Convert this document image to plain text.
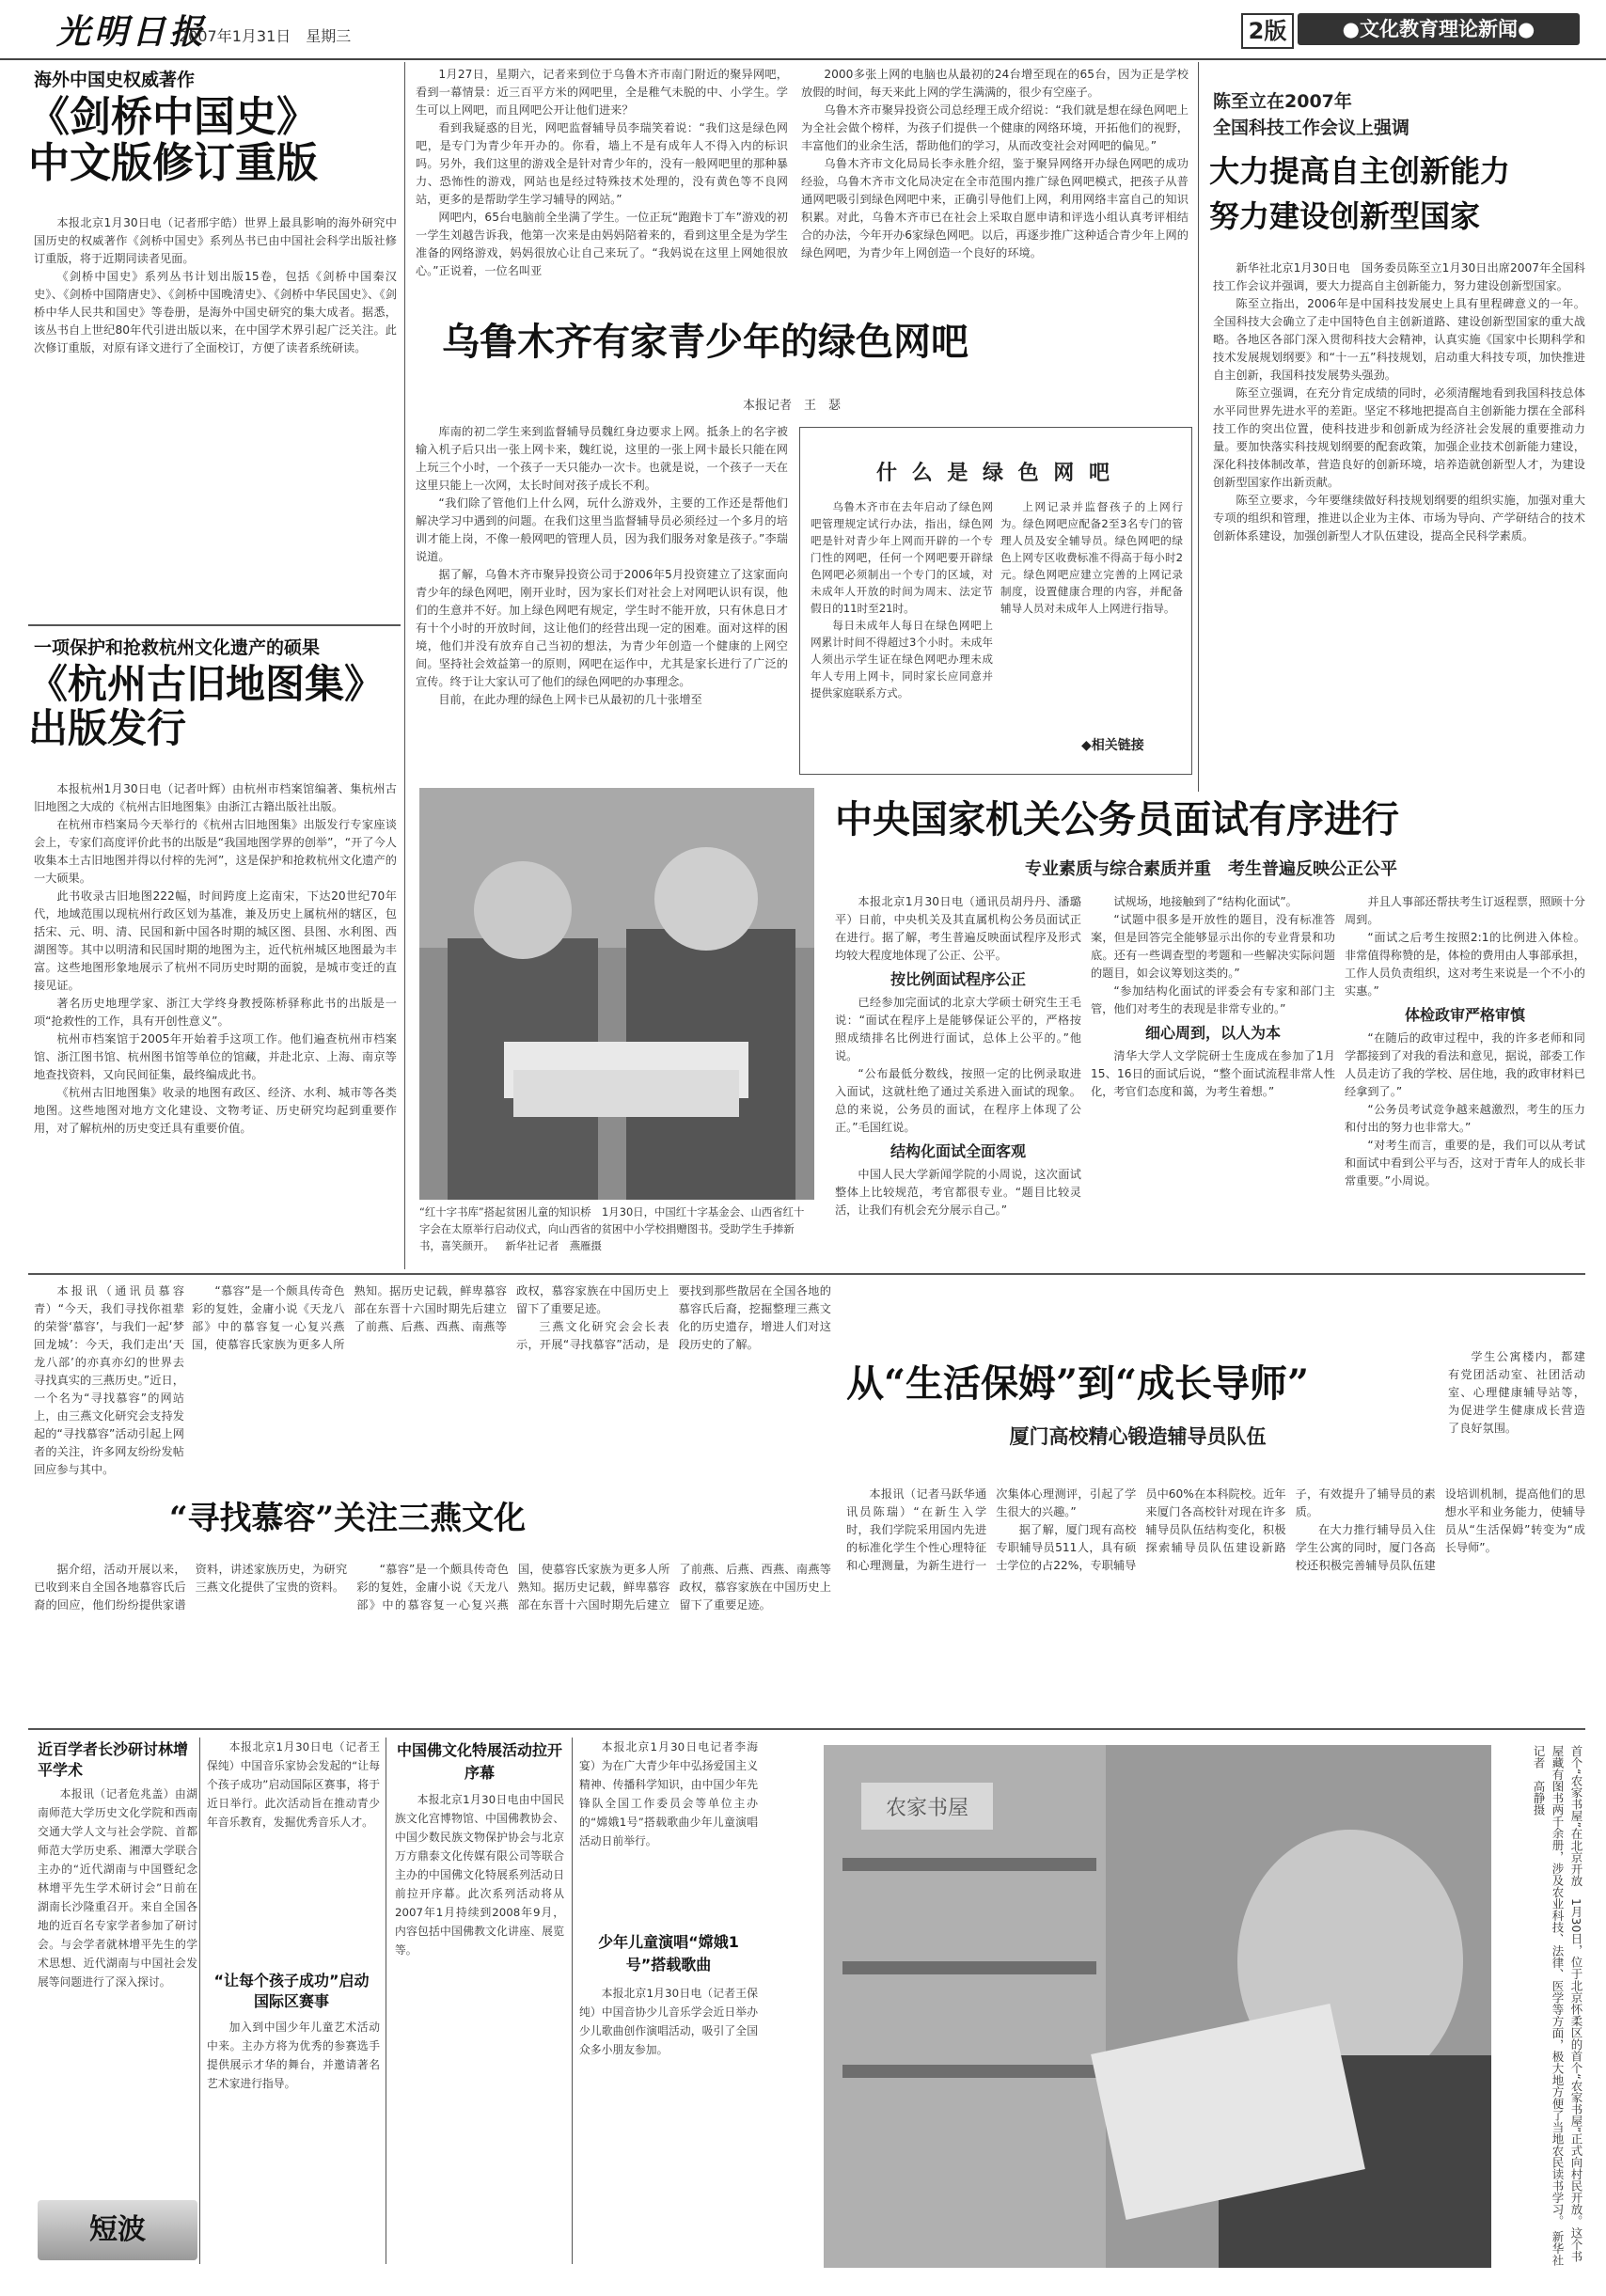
光明日报
2007年1月31日　星期三	2版	●文化教育理论新闻●
海外中国史权威著作
《剑桥中国史》
中文版修订重版

本报北京1月30日电（记者邢宇皓）世界上最具影响的海外研究中国历史的权威著作《剑桥中国史》系列丛书已由中国社会科学出版社修订重版，将于近期同读者见面。

《剑桥中国史》系列丛书计划出版15卷，包括《剑桥中国秦汉史》、《剑桥中国隋唐史》、《剑桥中国晚清史》、《剑桥中华民国史》、《剑桥中华人民共和国史》等卷册，是海外中国史研究的集大成者。据悉，该丛书自上世纪80年代引进出版以来，在中国学术界引起广泛关注。此次修订重版，对原有译文进行了全面校订，方便了读者系统研读。

一项保护和抢救杭州文化遗产的硕果
《杭州古旧地图集》
出版发行

本报杭州1月30日电（记者叶辉）由杭州市档案馆编著、集杭州古旧地图之大成的《杭州古旧地图集》由浙江古籍出版社出版。

在杭州市档案局今天举行的《杭州古旧地图集》出版发行专家座谈会上，专家们高度评价此书的出版是“我国地图学界的创举”，“开了今人收集本土古旧地图并得以付梓的先河”，这是保护和抢救杭州文化遗产的一大硕果。

此书收录古旧地图222幅，时间跨度上迄南宋，下达20世纪70年代，地域范围以现杭州行政区划为基准，兼及历史上属杭州的辖区，包括宋、元、明、清、民国和新中国各时期的城区图、县图、水利图、西湖图等。其中以明清和民国时期的地图为主，近代杭州城区地图最为丰富。这些地图形象地展示了杭州不同历史时期的面貌，是城市变迁的直接见证。

著名历史地理学家、浙江大学终身教授陈桥驿称此书的出版是一项“抢救性的工作，具有开创性意义”。

杭州市档案馆于2005年开始着手这项工作。他们遍查杭州市档案馆、浙江图书馆、杭州图书馆等单位的馆藏，并赴北京、上海、南京等地查找资料，又向民间征集，最终编成此书。

《杭州古旧地图集》收录的地图有政区、经济、水利、城市等各类地图。这些地图对地方文化建设、文物考证、历史研究均起到重要作用，对了解杭州的历史变迁具有重要价值。

1月27日，星期六，记者来到位于乌鲁木齐市南门附近的聚异网吧，看到一幕情景：近三百平方米的网吧里，全是稚气未脱的中、小学生。学生可以上网吧，而且网吧公开让他们进来？

看到我疑惑的目光，网吧监督辅导员李瑞笑着说：“我们这是绿色网吧，是专门为青少年开办的。你看，墙上不是有成年人不得入内的标识吗。另外，我们这里的游戏全是针对青少年的，没有一般网吧里的那种暴力、恐怖性的游戏，网站也是经过特殊技术处理的，没有黄色等不良网站，更多的是帮助学生学习辅导的网站。”

网吧内，65台电脑前全坐满了学生。一位正玩“跑跑卡丁车”游戏的初一学生刘越告诉我，他第一次来是由妈妈陪着来的，看到这里全是为学生准备的网络游戏，妈妈很放心让自己来玩了。“我妈说在这里上网她很放心。”正说着，一位名叫亚

2000多张上网的电脑也从最初的24台增至现在的65台，因为正是学校放假的时间，每天来此上网的学生满满的，很少有空座子。

乌鲁木齐市聚异投资公司总经理王成介绍说：“我们就是想在绿色网吧上为全社会做个榜样，为孩子们提供一个健康的网络环境，开拓他们的视野，丰富他们的业余生活，帮助他们的学习，从而改变社会对网吧的偏见。”

乌鲁木齐市文化局局长李永胜介绍，鉴于聚异网络开办绿色网吧的成功经验，乌鲁木齐市文化局决定在全市范围内推广绿色网吧模式，把孩子从普通网吧吸引到绿色网吧中来，正确引导他们上网，利用网络丰富自己的知识积累。对此，乌鲁木齐市已在社会上采取自愿申请和评选小组认真考评相结合的办法，今年开办6家绿色网吧。以后，再逐步推广这种适合青少年上网的绿色网吧，为青少年上网创造一个良好的环境。

乌鲁木齐有家青少年的绿色网吧
本报记者　王　瑟

库南的初二学生来到监督辅导员魏红身边要求上网。抵条上的名字被输入机子后只出一张上网卡来，魏红说，这里的一张上网卡最长只能在网上玩三个小时，一个孩子一天只能办一次卡。也就是说，一个孩子一天在这里只能上一次网，太长时间对孩子成长不利。

“我们除了管他们上什么网，玩什么游戏外，主要的工作还是帮他们解决学习中遇到的问题。在我们这里当监督辅导员必须经过一个多月的培训才能上岗，不像一般网吧的管理人员，因为我们服务对象是孩子。”李瑞说道。

据了解，乌鲁木齐市聚异投资公司于2006年5月投资建立了这家面向青少年的绿色网吧，刚开业时，因为家长们对社会上对网吧认识有误，他们的生意并不好。加上绿色网吧有规定，学生时不能开放，只有休息日才有十个小时的开放时间，这让他们的经营出现一定的困难。面对这样的困境，他们并没有放弃自己当初的想法，为青少年创造一个健康的上网空间。坚持社会效益第一的原则，网吧在运作中，尤其是家长进行了广泛的宣传。终于让大家认可了他们的绿色网吧的办事理念。

目前，在此办理的绿色上网卡已从最初的几十张增至

什 么 是 绿 色 网 吧

乌鲁木齐市在去年启动了绿色网吧管理规定试行办法，指出，绿色网吧是针对青少年上网而开辟的一个专门性的网吧，任何一个网吧要开辟绿色网吧必须制出一个专门的区域，对未成年人开放的时间为周末、法定节假日的11时至21时。

每日未成年人每日在绿色网吧上网累计时间不得超过3个小时。未成年人须出示学生证在绿色网吧办理未成年人专用上网卡，同时家长应同意并提供家庭联系方式。

上网记录并监督孩子的上网行为。绿色网吧应配备2至3名专门的管理人员及安全辅导员。绿色网吧的绿色上网专区收费标准不得高于每小时2元。绿色网吧应建立完善的上网记录制度，设置健康合理的内容，并配备辅导人员对未成年人上网进行指导。

◆相关链接
陈至立在2007年
全国科技工作会议上强调
大力提高自主创新能力
努力建设创新型国家

新华社北京1月30日电　国务委员陈至立1月30日出席2007年全国科技工作会议并强调，要大力提高自主创新能力，努力建设创新型国家。

陈至立指出，2006年是中国科技发展史上具有里程碑意义的一年。全国科技大会确立了走中国特色自主创新道路、建设创新型国家的重大战略。各地区各部门深入贯彻科技大会精神，认真实施《国家中长期科学和技术发展规划纲要》和“十一五”科技规划，启动重大科技专项，加快推进自主创新，我国科技发展势头强劲。

陈至立强调，在充分肯定成绩的同时，必须清醒地看到我国科技总体水平同世界先进水平的差距。坚定不移地把提高自主创新能力摆在全部科技工作的突出位置，使科技进步和创新成为经济社会发展的重要推动力量。要加快落实科技规划纲要的配套政策，加强企业技术创新能力建设，深化科技体制改革，营造良好的创新环境，培养造就创新型人才，为建设创新型国家作出新贡献。

陈至立要求，今年要继续做好科技规划纲要的组织实施，加强对重大专项的组织和管理，推进以企业为主体、市场为导向、产学研结合的技术创新体系建设，加强创新型人才队伍建设，提高全民科学素质。

“红十字书库”搭起贫困儿童的知识桥　1月30日，中国红十字基金会、山西省红十字会在太原举行启动仪式，向山西省的贫困中小学校捐赠图书。受助学生手捧新书，喜笑颜开。 新华社记者　燕雁摄
中央国家机关公务员面试有序进行
专业素质与综合素质并重　考生普遍反映公正公平

本报北京1月30日电（通讯员胡丹丹、潘璐平）日前，中央机关及其直属机构公务员面试正在进行。据了解，考生普遍反映面试程序及形式均较大程度地体现了公正、公平。

按比例面试程序公正

已经参加完面试的北京大学硕士研究生王毛说：“面试在程序上是能够保证公平的，严格按照成绩排名比例进行面试，总体上公平的。”他说。

“公布最低分数线，按照一定的比例录取进入面试，这就杜绝了通过关系进入面试的现象。总的来说，公务员的面试，在程序上体现了公正。”毛国红说。

结构化面试全面客观

中国人民大学新闻学院的小周说，这次面试整体上比较规范，考官都很专业。“题目比较灵活，让我们有机会充分展示自己。”

试规场，地接触到了“结构化面试”。

“试题中很多是开放性的题目，没有标准答案，但是回答完全能够显示出你的专业背景和功底。还有一些调查型的考题和一些解决实际问题的题目，如会议筹划这类的。”

“参加结构化面试的评委会有专家和部门主管，他们对考生的表现是非常专业的。”

细心周到，以人为本

清华大学人文学院研士生庞成在参加了1月15、16日的面试后说，“整个面试流程非常人性化，考官们态度和蔼，为考生着想。”

并且人事部还帮扶考生订返程票，照顾十分周到。

“面试之后考生按照2:1的比例进入体检。非常值得称赞的是，体检的费用由人事部承担，工作人员负责组织，这对考生来说是一个不小的实惠。”

体检政审严格审慎

“在随后的政审过程中，我的许多老师和同学都接到了对我的看法和意见，据说，部委工作人员走访了我的学校、居住地，我的政审材料已经拿到了。”

“公务员考试竞争越来越激烈，考生的压力和付出的努力也非常大。”

“对考生而言，重要的是，我们可以从考试和面试中看到公平与否，这对于青年人的成长非常重要。”小周说。

本报讯（通讯员慕容青）“今天，我们寻找你祖辈的荣誉‘慕容’，与我们一起‘梦回龙城’：今天，我们走出‘天龙八部’的亦真亦幻的世界去寻找真实的三燕历史。”近日，一个名为“寻找慕容”的网站上，由三燕文化研究会支持发起的“寻找慕容”活动引起上网者的关注，许多网友纷纷发帖回应参与其中。

“慕容”是一个颇具传奇色彩的复姓，金庸小说《天龙八部》中的慕容复一心复兴燕国，使慕容氏家族为更多人所熟知。据历史记载，鲜卑慕容部在东晋十六国时期先后建立了前燕、后燕、西燕、南燕等政权，慕容家族在中国历史上留下了重要足迹。

三燕文化研究会会长表示，开展“寻找慕容”活动，是要找到那些散居在全国各地的慕容氏后裔，挖掘整理三燕文化的历史遗存，增进人们对这段历史的了解。

“寻找慕容”关注三燕文化

据介绍，活动开展以来，已收到来自全国各地慕容氏后裔的回应，他们纷纷提供家谱资料，讲述家族历史，为研究三燕文化提供了宝贵的资料。

“慕容”是一个颇具传奇色彩的复姓，金庸小说《天龙八部》中的慕容复一心复兴燕国，使慕容氏家族为更多人所熟知。据历史记载，鲜卑慕容部在东晋十六国时期先后建立了前燕、后燕、西燕、南燕等政权，慕容家族在中国历史上留下了重要足迹。

从“生活保姆”到“成长导师”
厦门高校精心锻造辅导员队伍

学生公寓楼内，都建有党团活动室、社团活动室、心理健康辅导站等，为促进学生健康成长营造了良好氛围。

本报讯（记者马跃华通讯员陈瑞）“在新生入学时，我们学院采用国内先进的标准化学生个性心理特征和心理测量，为新生进行一次集体心理测评，引起了学生很大的兴趣。”

据了解，厦门现有高校专职辅导员511人，具有硕士学位的占22%，专职辅导员中60%在本科院校。近年来厦门各高校针对现在许多辅导员队伍结构变化，积极探索辅导员队伍建设新路子，有效提升了辅导员的素质。

在大力推行辅导员入住学生公寓的同时，厦门各高校还积极完善辅导员队伍建设培训机制，提高他们的思想水平和业务能力，使辅导员从“生活保姆”转变为“成长导师”。

近百学者长沙研讨林增平学术

本报讯（记者危兆盖）由湖南师范大学历史文化学院和西南交通大学人文与社会学院、首都师范大学历史系、湘潭大学联合主办的“近代湖南与中国暨纪念林增平先生学术研讨会”日前在湖南长沙隆重召开。来自全国各地的近百名专家学者参加了研讨会。与会学者就林增平先生的学术思想、近代湖南与中国社会发展等问题进行了深入探讨。

短波

本报北京1月30日电（记者王保纯）中国音乐家协会发起的“让每个孩子成功”启动国际区赛事，将于近日举行。此次活动旨在推动青少年音乐教育，发掘优秀音乐人才。

“让每个孩子成功”启动国际区赛事

加入到中国少年儿童艺术活动中来。主办方将为优秀的参赛选手提供展示才华的舞台，并邀请著名艺术家进行指导。

中国佛文化特展活动拉开序幕

本报北京1月30日电由中国民族文化宫博物馆、中国佛教协会、中国少数民族文物保护协会与北京万方鼎泰文化传媒有限公司等联合主办的中国佛文化特展系列活动日前拉开序幕。此次系列活动将从2007年1月持续到2008年9月，内容包括中国佛教文化讲座、展览等。

本报北京1月30日电记者李海宴）为在广大青少年中弘扬爱国主义精神、传播科学知识，由中国少年先锋队全国工作委员会等单位主办的“嫦娥1号”搭载歌曲少年儿童演唱活动日前举行。

少年儿童演唱“嫦娥1号”搭载歌曲

本报北京1月30日电（记者王保纯）中国音协少儿音乐学会近日举办少儿歌曲创作演唱活动，吸引了全国众多小朋友参加。

农家书屋	首个“农家书屋”在北京开放　1月30日，位于北京怀柔区的首个“农家书屋”正式向村民开放。这个书屋藏有图书两千余册，涉及农业科技、法律、医学等方面，极大地方便了当地农民读书学习。 新华社记者　高静摄
